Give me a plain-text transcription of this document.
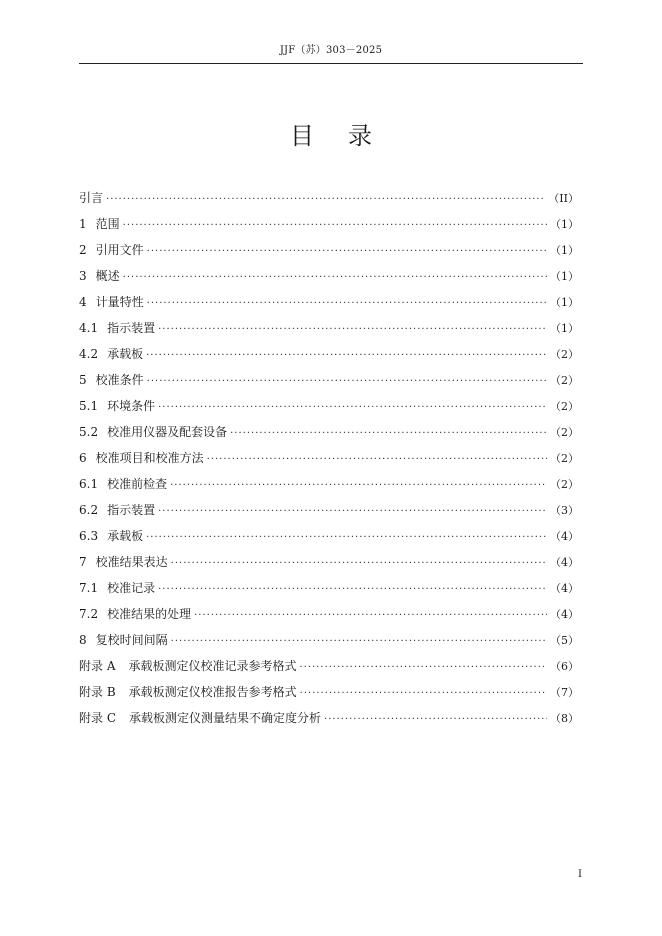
JJF（苏）303－2025
目录
引言 ·····	（II）
1 范围 ·····	（1）
2 引用文件 ·····	（1）
3 概述 ·····	（1）
4 计量特性 ·····	（1）
4.1 指示装置 ·····	（1）
4.2 承载板 ·····	（2）
5 校准条件 ·····	（2）
5.1 环境条件 ·····	（2）
5.2 校准用仪器及配套设备 ·····	（2）
6 校准项目和校准方法 ·····	（2）
6.1 校准前检查 ·····	（2）
6.2 指示装置 ·····	（3）
6.3 承载板 ·····	（4）
7 校准结果表达 ·····	（4）
7.1 校准记录 ·····	（4）
7.2 校准结果的处理 ·····	（4）
8 复校时间间隔 ·····	（5）
附录 A	承载板测定仪校准记录参考格式 ·····	（6）
附录 B	承载板测定仪校准报告参考格式 ·····	（7）
附录 C	承载板测定仪测量结果不确定度分析 ·····	（8）
I
